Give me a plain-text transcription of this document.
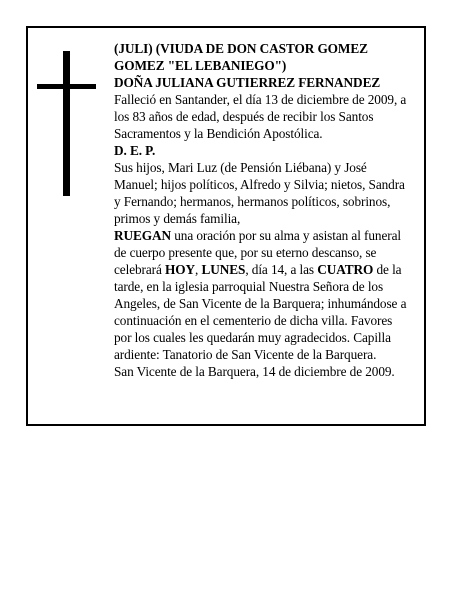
(JULI) (VIUDA DE DON CASTOR GOMEZ
GOMEZ "EL LEBANIEGO")
DOÑA JULIANA GUTIERREZ FERNANDEZ
Falleció en Santander, el día 13 de diciembre de 2009, a
los 83 años de edad, después de recibir los Santos
Sacramentos y la Bendición Apostólica.
D. E. P.
Sus hijos, Mari Luz (de Pensión Liébana) y José
Manuel; hijos políticos, Alfredo y Silvia; nietos, Sandra
y Fernando; hermanos, hermanos políticos, sobrinos,
primos y demás familia,
RUEGAN una oración por su alma y asistan al funeral
de cuerpo presente que, por su eterno descanso, se
celebrará HOY, LUNES, día 14, a las CUATRO de la
tarde, en la iglesia parroquial Nuestra Señora de los
Angeles, de San Vicente de la Barquera; inhumándose a
continuación en el cementerio de dicha villa. Favores
por los cuales les quedarán muy agradecidos. Capilla
ardiente: Tanatorio de San Vicente de la Barquera.
San Vicente de la Barquera, 14 de diciembre de 2009.
